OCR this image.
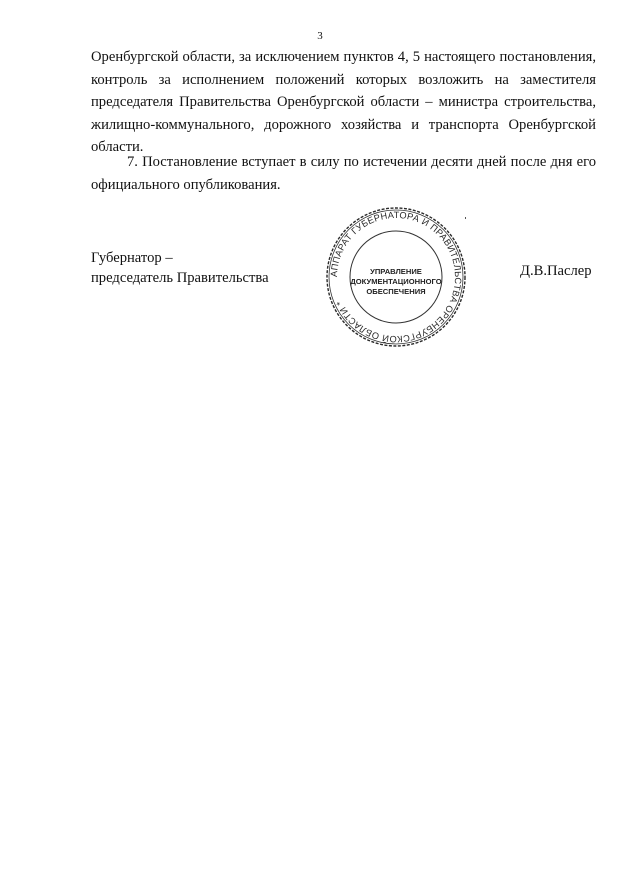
3

Оренбургской области, за исключением пунктов 4, 5 настоящего постановления, контроль за исполнением положений которых возложить на заместителя председателя Правительства Оренбургской области – министра строительства, жилищно-коммунального, дорожного хозяйства и транспорта Оренбургской области.

7. Постановление вступает в силу по истечении десяти дней после дня его официального опубликования.

Губернатор –
председатель Правительства	Д.В.Паслер
АППАРАТ ГУБЕРНАТОРА И ПРАВИТЕЛЬСТВА ОРЕНБУРГСКОЙ ОБЛАСТИ *
УПРАВЛЕНИЕ
ДОКУМЕНТАЦИОННОГО
ОБЕСПЕЧЕНИЯ
